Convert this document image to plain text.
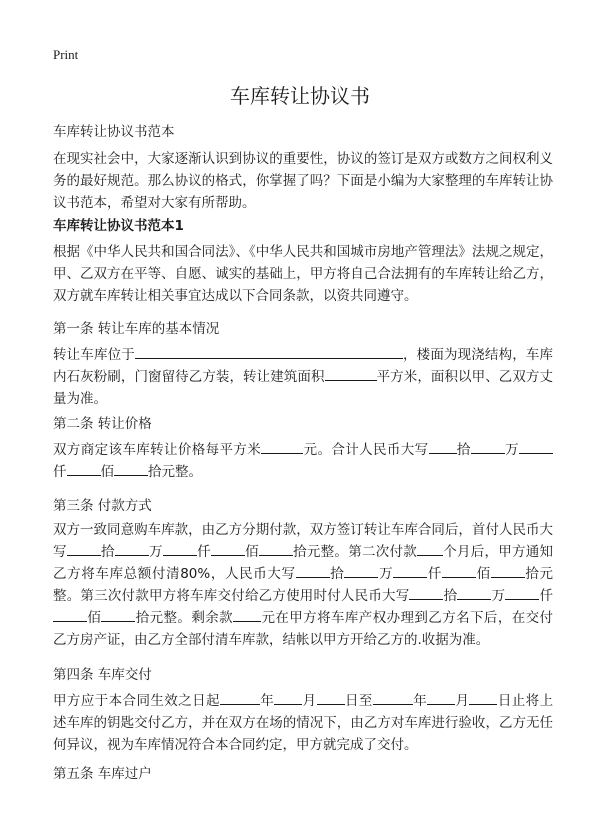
Print
车库转让协议书
车库转让协议书范本
在现实社会中，大家逐渐认识到协议的重要性，协议的签订是双方或数方之间权利义务的最好规范。那么协议的格式，你掌握了吗？下面是小编为大家整理的车库转让协议书范本，希望对大家有所帮助。
车库转让协议书范本1
根据《中华人民共和国合同法》、《中华人民共和国城市房地产管理法》法规之规定，甲、乙双方在平等、自愿、诚实的基础上，甲方将自己合法拥有的车库转让给乙方，双方就车库转让相关事宜达成以下合同条款，以资共同遵守。
第一条 转让车库的基本情况
转让车库位于	，楼面为现浇结构，车库内石灰粉刷，门窗留待乙方装，转让建筑面积	平方米，面积以甲、乙双方丈量为准。
第二条 转让价格
双方商定该车库转让价格每平方米	元。合计人民币大写 拾	万仟	佰	拾元整。
第三条 付款方式
双方一致同意购车库款，由乙方分期付款，双方签订转让车库合同后，首付人民币大写	拾	万	仟	佰	拾元整。第二次付款 个月后，甲方通知乙方将车库总额付清80%，人民币大写	拾	万	仟	佰	拾元整。第三次付款甲方将车库交付给乙方使用时付人民币大写	拾	万	仟佰	拾元整。剩余款 元在甲方将车库产权办理到乙方名下后，在交付乙方房产证，由乙方全部付清车库款，结帐以甲方开给乙方的.收据为准。
第四条 车库交付
甲方应于本合同生效之日起	年 月 日至	年 月 日止将上述车库的钥匙交付乙方，并在双方在场的情况下，由乙方对车库进行验收，乙方无任何异议，视为车库情况符合本合同约定，甲方就完成了交付。
第五条 车库过户
